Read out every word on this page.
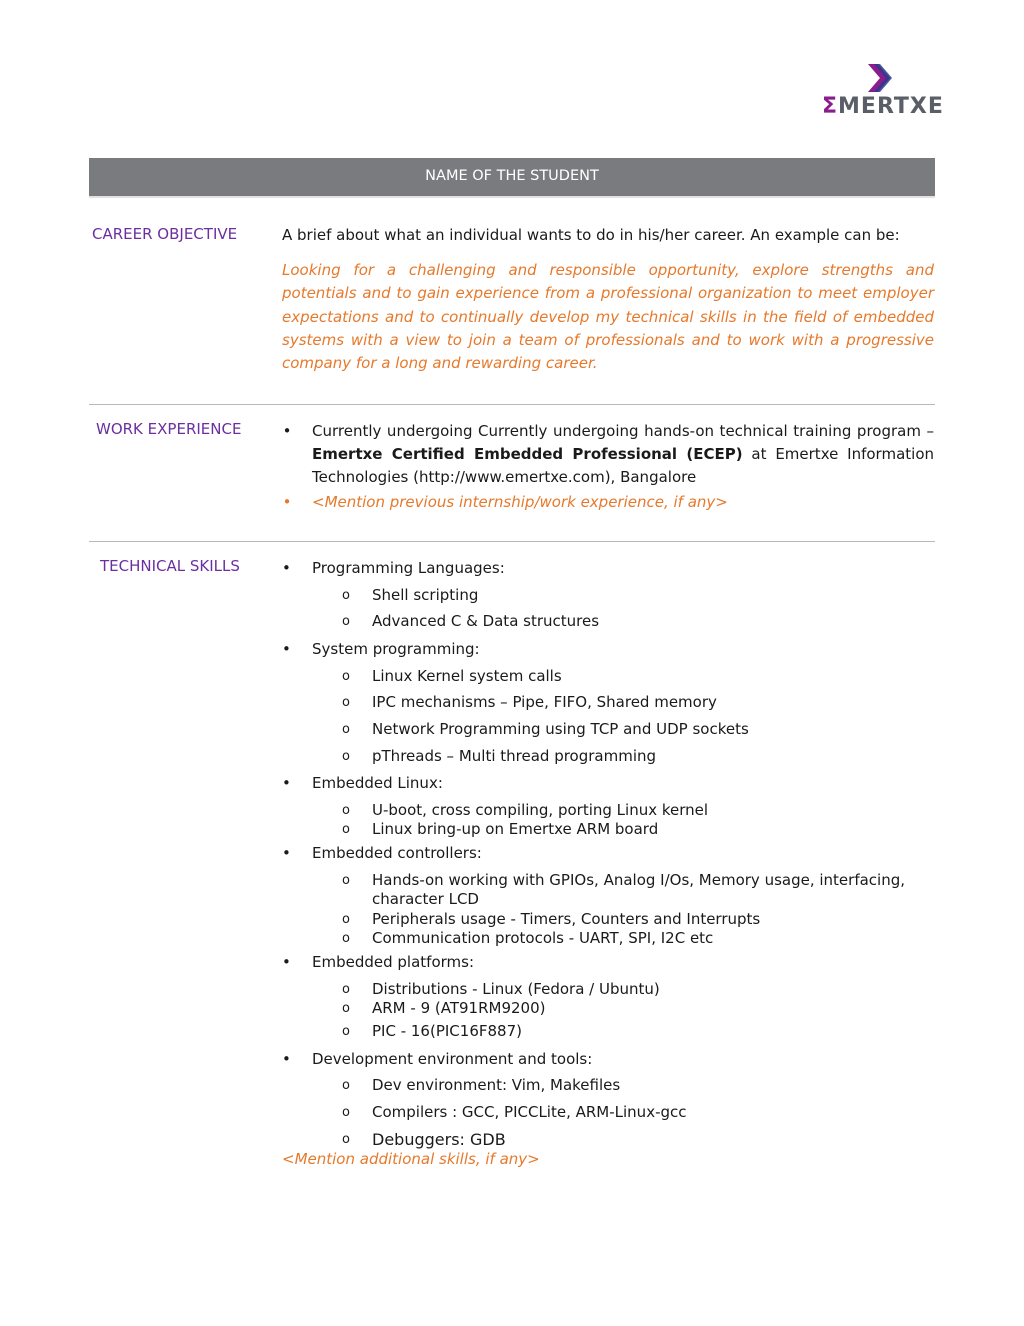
ΣMERTXE
NAME OF THE STUDENT
CAREER OBJECTIVE	A brief about what an individual wants to do in his/her career. An example can be:
Looking for a challenging and responsible opportunity, explore strengths and potentials and to gain experience from a professional organization to meet employer expectations and to continually develop my technical skills in the field of embedded systems with a view to join a team of professionals and to work with a progressive company for a long and rewarding career.
WORK EXPERIENCE	• Currently undergoing Currently undergoing hands-on technical training program – Emertxe Certified Embedded Professional (ECEP) at Emertxe Information Technologies (http://www.emertxe.com), Bangalore
• <Mention previous internship/work experience, if any>
TECHNICAL SKILLS	• Programming Languages:
o Shell scripting
o Advanced C & Data structures
• System programming:
o Linux Kernel system calls
o IPC mechanisms – Pipe, FIFO, Shared memory
o Network Programming using TCP and UDP sockets
o pThreads – Multi thread programming
• Embedded Linux:
o U-boot, cross compiling, porting Linux kernel
o Linux bring-up on Emertxe ARM board
• Embedded controllers:
o Hands-on working with GPIOs, Analog I/Os, Memory usage, interfacing, character LCD
o Peripherals usage - Timers, Counters and Interrupts
o Communication protocols - UART, SPI, I2C etc
• Embedded platforms:
o Distributions - Linux (Fedora / Ubuntu)
o ARM - 9 (AT91RM9200)
o PIC - 16(PIC16F887)
• Development environment and tools:
o Dev environment: Vim, Makefiles
o Compilers : GCC, PICCLite, ARM-Linux-gcc
o Debuggers: GDB
<Mention additional skills, if any>
